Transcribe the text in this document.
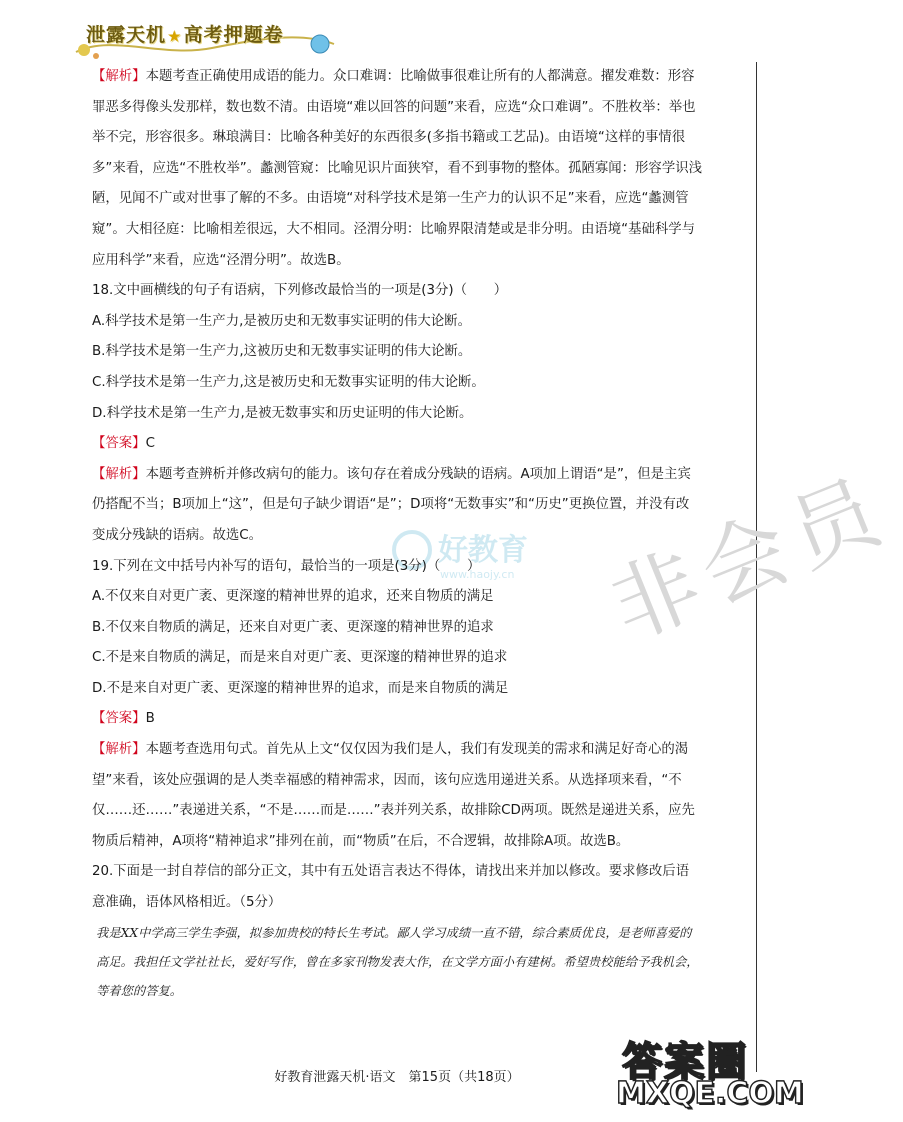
泄露天机 ★ 高考押题卷
好教育
www.haojy.cn 非会员

【解析】本题考查正确使用成语的能力。众口难调：比喻做事很难让所有的人都满意。擢发难数：形容罪恶多得像头发那样，数也数不清。由语境“难以回答的问题”来看，应选“众口难调”。不胜枚举：举也举不完，形容很多。琳琅满目：比喻各种美好的东西很多(多指书籍或工艺品)。由语境“这样的事情很多”来看，应选“不胜枚举”。蠡测管窥：比喻见识片面狭窄，看不到事物的整体。孤陋寡闻：形容学识浅陋，见闻不广或对世事了解的不多。由语境“对科学技术是第一生产力的认识不足”来看，应选“蠡测管窥”。大相径庭：比喻相差很远，大不相同。泾渭分明：比喻界限清楚或是非分明。由语境“基础科学与应用科学”来看，应选“泾渭分明”。故选B。

18.文中画横线的句子有语病，下列修改最恰当的一项是(3分)（　　）

A.科学技术是第一生产力,是被历史和无数事实证明的伟大论断。

B.科学技术是第一生产力,这被历史和无数事实证明的伟大论断。

C.科学技术是第一生产力,这是被历史和无数事实证明的伟大论断。

D.科学技术是第一生产力,是被无数事实和历史证明的伟大论断。

【答案】C

【解析】本题考查辨析并修改病句的能力。该句存在着成分残缺的语病。A项加上谓语“是”，但是主宾仍搭配不当；B项加上“这”，但是句子缺少谓语“是”；D项将“无数事实”和“历史”更换位置，并没有改变成分残缺的语病。故选C。

19.下列在文中括号内补写的语句，最恰当的一项是(3分)（　　）

A.不仅来自对更广袤、更深邃的精神世界的追求，还来自物质的满足

B.不仅来自物质的满足，还来自对更广袤、更深邃的精神世界的追求

C.不是来自物质的满足，而是来自对更广袤、更深邃的精神世界的追求

D.不是来自对更广袤、更深邃的精神世界的追求，而是来自物质的满足

【答案】B

【解析】本题考查选用句式。首先从上文“仅仅因为我们是人，我们有发现美的需求和满足好奇心的渴望”来看，该处应强调的是人类幸福感的精神需求，因而，该句应选用递进关系。从选择项来看，“不仅……还……”表递进关系，“不是……而是……”表并列关系，故排除CD两项。既然是递进关系，应先物质后精神，A项将“精神追求”排列在前，而“物质”在后，不合逻辑，故排除A项。故选B。

20.下面是一封自荐信的部分正文，其中有五处语言表达不得体，请找出来并加以修改。要求修改后语意准确，语体风格相近。（5分）

我是XX中学高三学生李强，拟参加贵校的特长生考试。鄙人学习成绩一直不错，综合素质优良，是老师喜爱的高足。我担任文学社社长，爱好写作，曾在多家刊物发表大作，在文学方面小有建树。希望贵校能给予我机会，等着您的答复。

好教育泄露天机·语文　第15页（共18页）	答案圈
MXQE.COM
